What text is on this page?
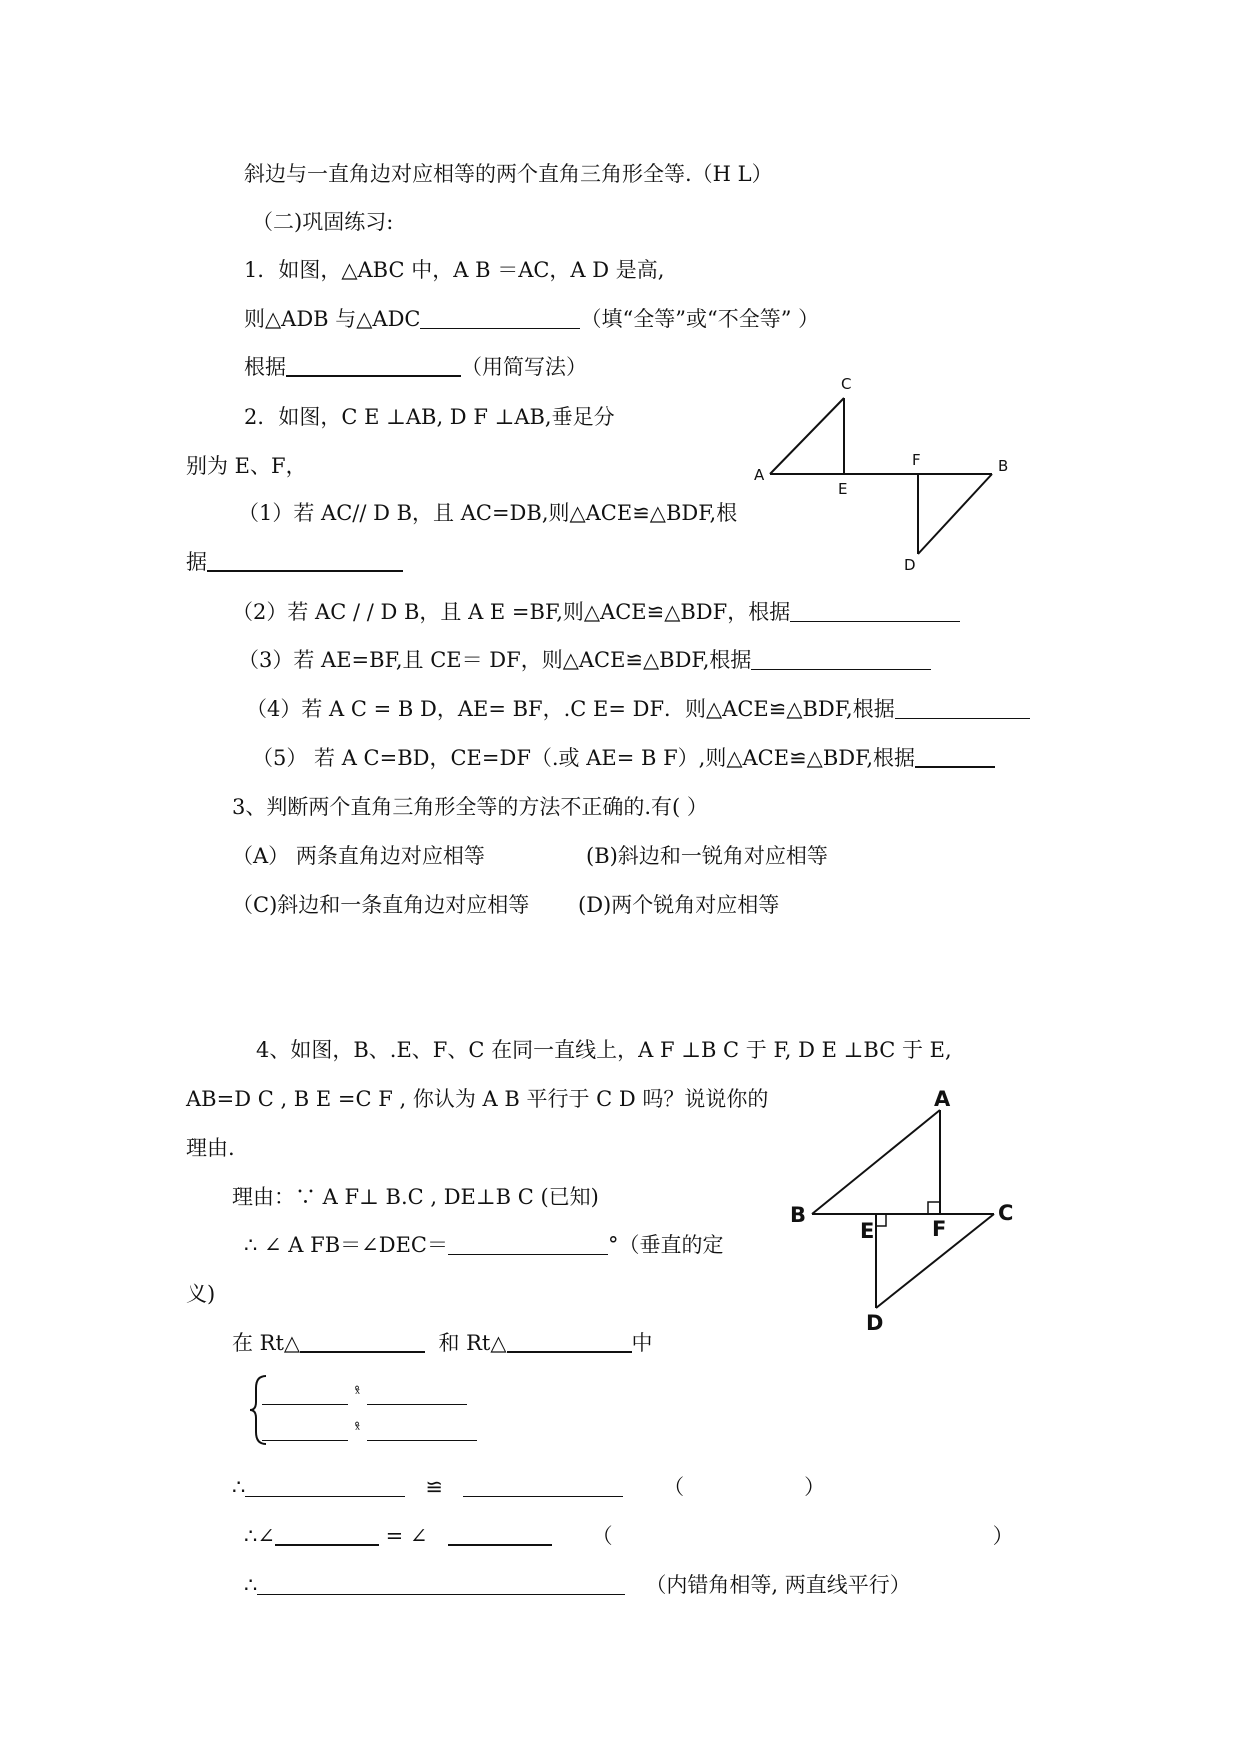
斜边与一直角边对应相等的两个直角三角形全等.（H L）
（二)巩固练习:
1．如图，△ABC 中，A B ＝AC，A D 是高,
则△ADB 与△ADC	（填“全等”或“不全等” ）
根据	（用简写法）
2．如图，C E ⊥AB, D F ⊥AB,垂足分
别为 E、F，
（1）若 AC// D B，且 AC=DB,则△ACE≌△BDF,根
据
（2）若 AC / / D B，且 A E =BF,则△ACE≌△BDF，根据
（3）若 AE=BF,且 CE＝ DF，则△ACE≌△BDF,根据
（4）若 A C = B D，AE= BF，.C E= DF．则△ACE≌△BDF,根据
（5） 若 A C=BD，CE=DF（.或 AE= B F）,则△ACE≌△BDF,根据
3、判断两个直角三角形全等的方法不正确的.有( ）
（A） 两条直角边对应相等	(B)斜边和一锐角对应相等
（C)斜边和一条直角边对应相等 (D)两个锐角对应相等
4、如图，B、.E、F、C 在同一直线上，A F ⊥B C 于 F, D E ⊥BC 于 E,
AB=D C , B E =C F , 你认为 A B 平行于 C D 吗？说说你的
理由.
理由：∵ A F⊥ B.C , DE⊥B C (已知)
∴ ∠ A FB＝∠DEC＝	°（垂直的定
义)
在 Rt△	和 Rt△	中
ˣ̊
ˣ̊
∴	≌	（	）
∴∠	= ∠	（	）
∴	（内错角相等, 两直线平行）
C
A
E
F	B
D
A
B
E	F
C
D
